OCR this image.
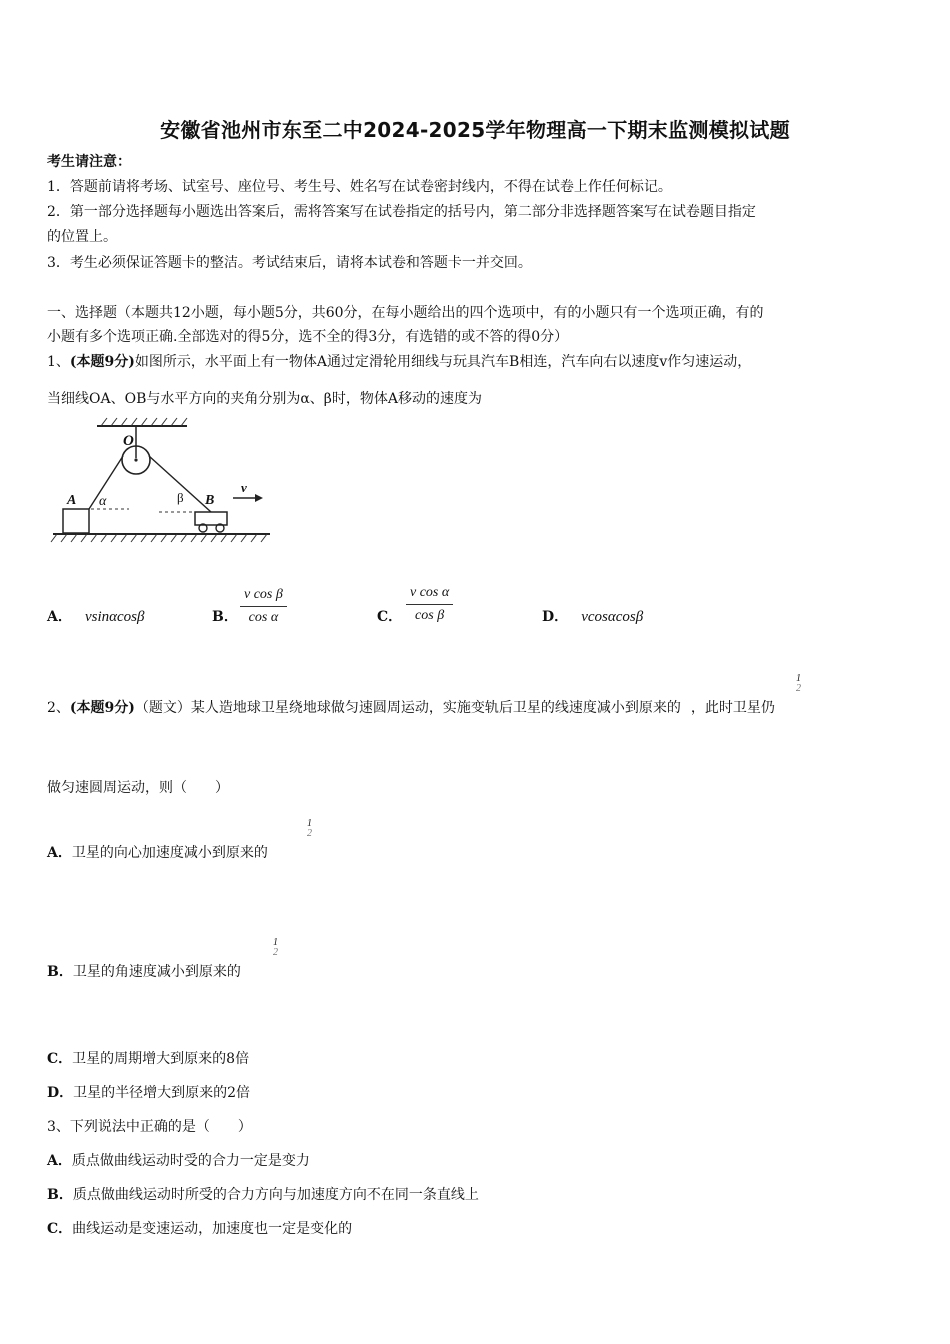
安徽省池州市东至二中2024-2025学年物理高一下期末监测模拟试题
考生请注意：
1．答题前请将考场、试室号、座位号、考生号、姓名写在试卷密封线内，不得在试卷上作任何标记。
2．第一部分选择题每小题选出答案后，需将答案写在试卷指定的括号内，第二部分非选择题答案写在试卷题目指定
的位置上。
3．考生必须保证答题卡的整洁。考试结束后，请将本试卷和答题卡一并交回。
一、选择题（本题共12小题，每小题5分，共60分，在每小题给出的四个选项中，有的小题只有一个选项正确，有的
小题有多个选项正确.全部选对的得5分，选不全的得3分，有选错的或不答的得0分）
1、(本题9分)如图所示，水平面上有一物体A通过定滑轮用细线与玩具汽车B相连，汽车向右以速度v作匀速运动，
当细线OA、OB与水平方向的夹角分别为α、β时，物体A移动的速度为
O
A α	β B
v
A． vsinαcosβ	B． $\frac{\text{v cos β}}{\text{cos α}}$	C． $\frac{\text{v cos α}}{\text{cos β}}$	D． vcosαcosβ
2、(本题9分)（题文）某人造地球卫星绕地球做匀速圆周运动，实施变轨后卫星的线速度减小到原来的 ，此时卫星仍
1
2
做匀速圆周运动，则（　　）
A．卫星的向心加速度减小到原来的
1
2
B．卫星的角速度减小到原来的
1
2
C．卫星的周期增大到原来的8倍
D．卫星的半径增大到原来的2倍
3、下列说法中正确的是（　　）
A．质点做曲线运动时受的合力一定是变力
B．质点做曲线运动时所受的合力方向与加速度方向不在同一条直线上
C．曲线运动是变速运动，加速度也一定是变化的
